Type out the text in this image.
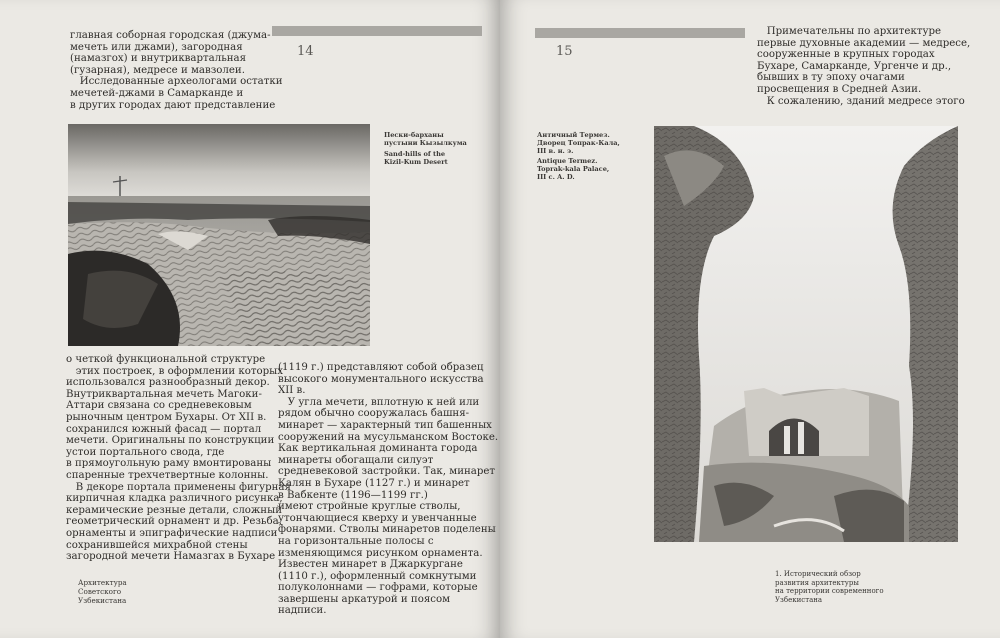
главная соборная городская (джума-
мечеть или джами), загородная
(намазгох) и внутриквартальная
(гузарная), медресе и мавзолеи.
Исследованные археологами остатки
мечетей-джами в Самарканде и
в других городах дают представление
14
Пески-барханы
пустыни Кызылкума
Sand-hills of the
Kizil-Kum Desert
о четкой функциональной структуре
этих построек, в оформлении которых
использовался разнообразный декор.
Внутриквартальная мечеть Магоки-
Аттари связана со средневековым
рыночным центром Бухары. От XII в.
сохранился южный фасад — портал
мечети. Оригинальны по конструкции
устои портального свода, где
в прямоугольную раму вмонтированы
спаренные трехчетвертные колонны.
В декоре портала применены фигурная
кирпичная кладка различного рисунка,
керамические резные детали, сложный
геометрический орнамент и др. Резьба,
орнаменты и эпиграфические надписи
сохранившейся михрабной стены
загородной мечети Намазгах в Бухаре
(1119 г.) представляют собой образец
высокого монументального искусства
XII в.
У угла мечети, вплотную к ней или
рядом обычно сооружалась башня-
минарет — характерный тип башенных
сооружений на мусульманском Востоке.
Как вертикальная доминанта города
минареты обогащали силуэт
средневековой застройки. Так, минарет
Калян в Бухаре (1127 г.) и минарет
в Вабкенте (1196—1199 гг.)
имеют стройные круглые стволы,
утончающиеся кверху и увенчанные
фонарями. Стволы минаретов поделены
на горизонтальные полосы с
изменяющимся рисунком орнамента.
Известен минарет в Джаркургане
(1110 г.), оформленный сомкнутыми
полуколоннами — гофрами, которые
завершены аркатурой и поясом
надписи.
Архитектура
Советского
Узбекистана
15
Примечательны по архитектуре
первые духовные академии — медресе,
сооруженные в крупных городах
Бухаре, Самарканде, Ургенче и др.,
бывших в ту эпоху очагами
просвещения в Средней Азии.
К сожалению, зданий медресе этого
Античный Термез.
Дворец Топрак-Кала,
III в. н. э.
Antique Termez.
Toprak-kala Palace,
III c. A. D.
1. Исторический обзор
развития архитектуры
на территории современного
Узбекистана
